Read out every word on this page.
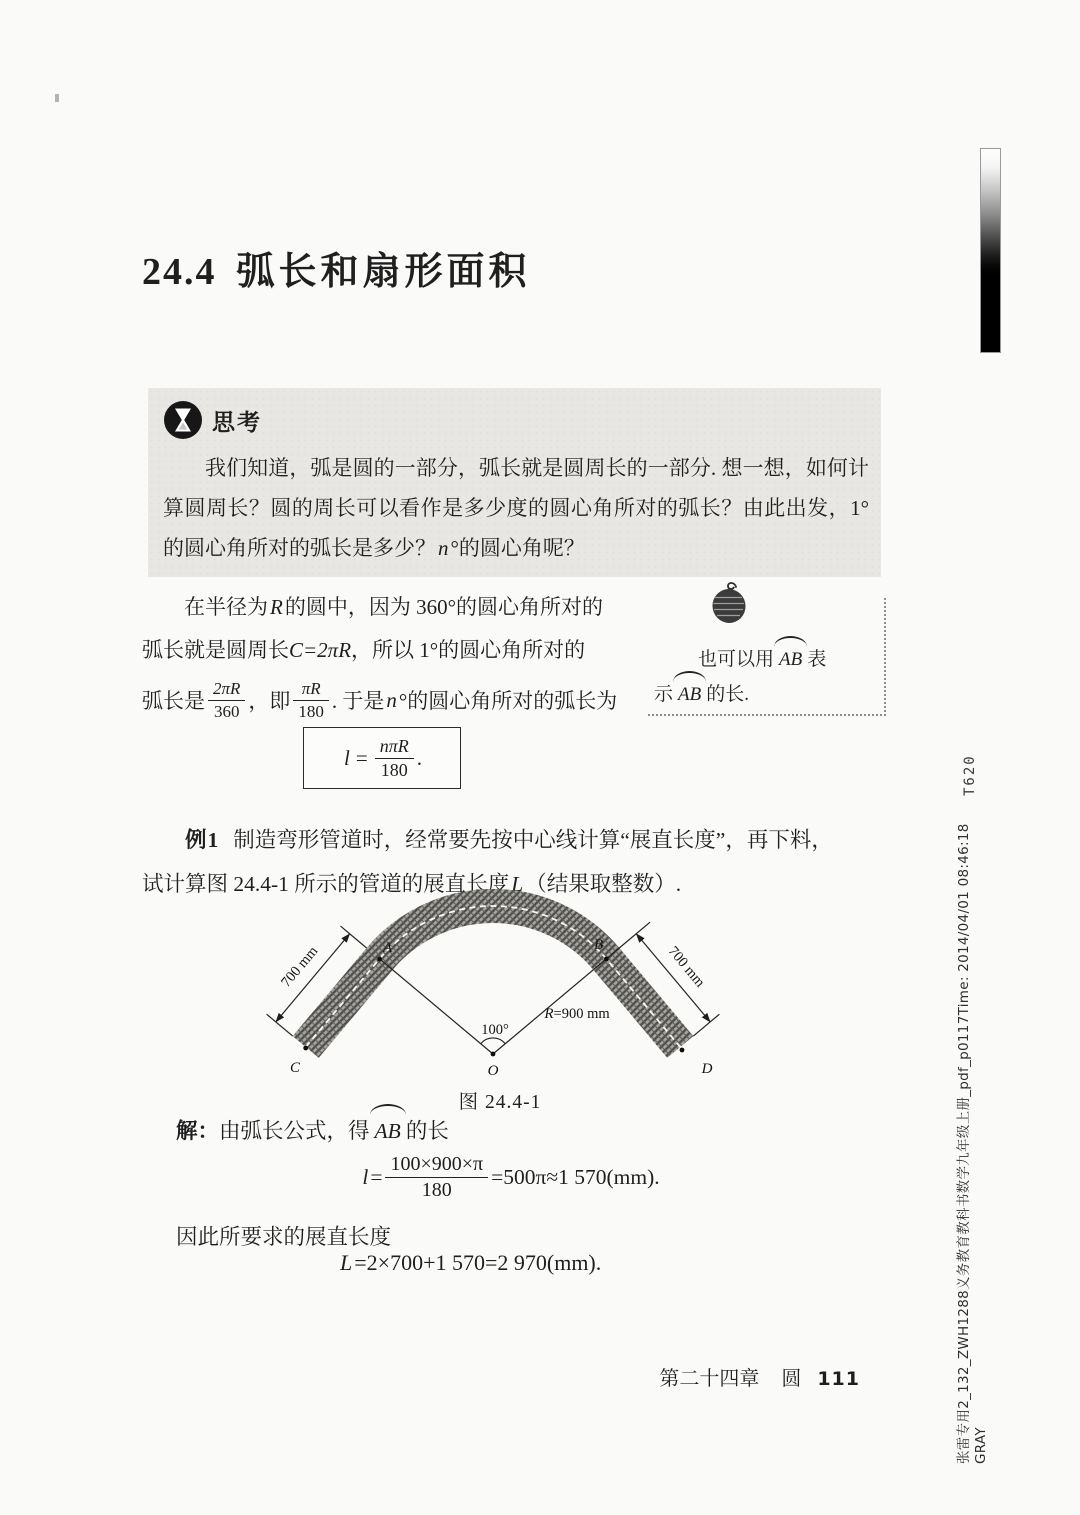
T620
张雷专用2_132_ZWH1288义务教育教科书数学九年级上册_pdf_p0117Time: 2014/04/01 08:46:18 GRAY
24.4 弧长和扇形面积
思考

我们知道，弧是圆的一部分，弧长就是圆周长的一部分. 想一想，如何计算圆周长？圆的周长可以看作是多少度的圆心角所对的弧长？由此出发，1°的圆心角所对的弧长是多少？n°的圆心角呢？

在半径为R的圆中，因为 360°的圆心角所对的
弧长就是圆周长C=2πR，所以 1°的圆心角所对的
弧长是 $\frac{2\pi R}{360}$ ，即 $\frac{\pi R}{180}$ . 于是 n °的圆心角所对的弧长为
也可以用 AB 表
示 AB 的长.
$l = \frac{\text{nπR}}{180}$ .
例1 制造弯形管道时，经常要先按中心线计算“展直长度”，再下料，
试计算图 24.4-1 所示的管道的展直长度L（结果取整数）.
A	B
C	O	D
100°
R=900 mm
700 mm	700 mm
图 24.4-1
解：由弧长公式，得 AB 的长
$l = \frac{100\times 900\times\pi}{180} =500\pi\approx 1$ 570(mm).
因此所要求的展直长度
L=2×700+1 570=2 970(mm).
第二十四章 圆 111
